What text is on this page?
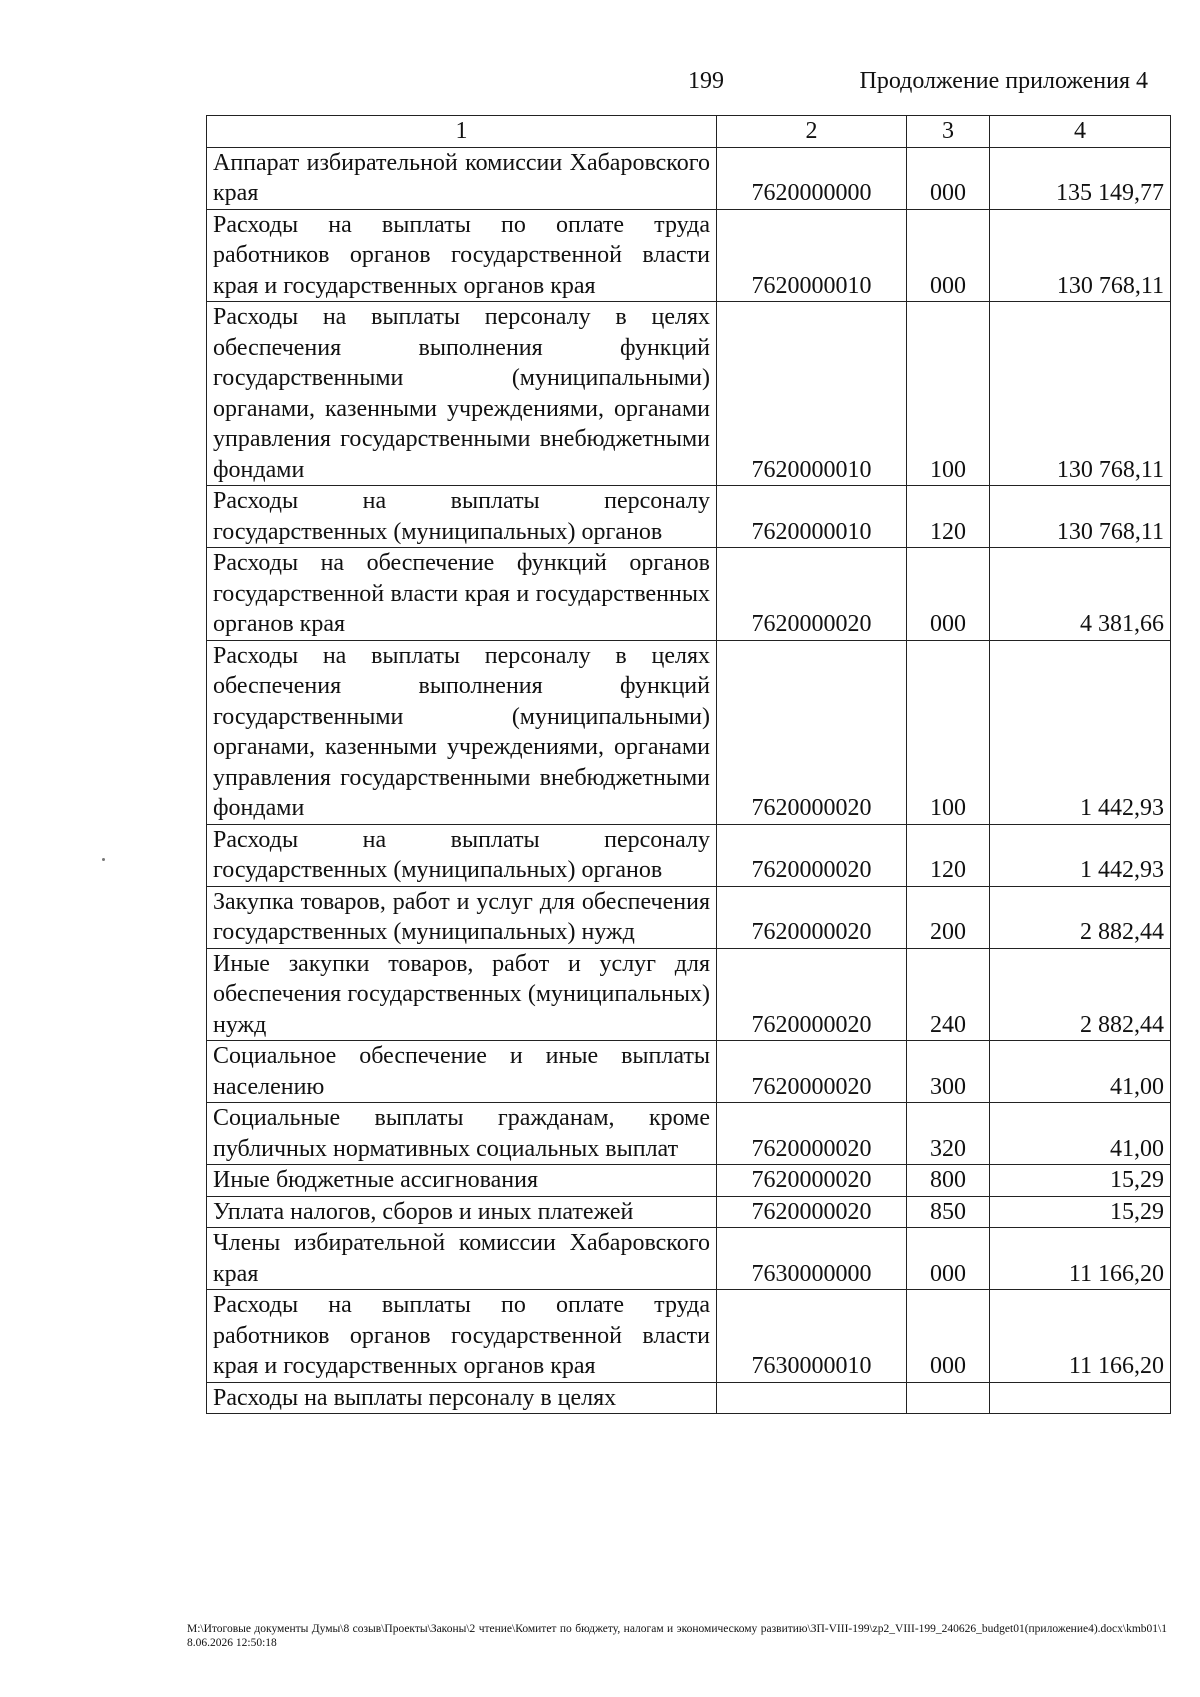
199	Продолжение приложения 4
1	2	3	4
Аппарат избирательной комиссии Хабаровского края	7620000000	000	135 149,77
Расходы на выплаты по оплате труда работников органов государственной власти края и государственных органов края	7620000010	000	130 768,11
Расходы на выплаты персоналу в целях обеспечения выполнения функций государственными (муниципальными) органами, казенными учреждениями, органами управления государственными внебюджетными фондами	7620000010	100	130 768,11
Расходы на выплаты персоналу государственных (муниципальных) органов	7620000010	120	130 768,11
Расходы на обеспечение функций органов государственной власти края и государственных органов края	7620000020	000	4 381,66
Расходы на выплаты персоналу в целях обеспечения выполнения функций государственными (муниципальными) органами, казенными учреждениями, органами управления государственными внебюджетными фондами	7620000020	100	1 442,93
Расходы на выплаты персоналу государственных (муниципальных) органов	7620000020	120	1 442,93
Закупка товаров, работ и услуг для обеспечения государственных (муниципальных) нужд	7620000020	200	2 882,44
Иные закупки товаров, работ и услуг для обеспечения государственных (муниципальных) нужд	7620000020	240	2 882,44
Социальное обеспечение и иные выплаты населению	7620000020	300	41,00
Социальные выплаты гражданам, кроме публичных нормативных социальных выплат	7620000020	320	41,00
Иные бюджетные ассигнования	7620000020	800	15,29
Уплата налогов, сборов и иных платежей	7620000020	850	15,29
Члены избирательной комиссии Хабаровского края	7630000000	000	11 166,20
Расходы на выплаты по оплате труда работников органов государственной власти края и государственных органов края	7630000010	000	11 166,20
Расходы на выплаты персоналу в целях			
M:\Итоговые документы Думы\8 созыв\Проекты\Законы\2 чтение\Комитет по бюджету, налогам и экономическому развитию\ЗП-VIII-199\zp2_VIII-199_240626_budget01(приложение4).docx\kmb01\18.06.2026 12:50:18
